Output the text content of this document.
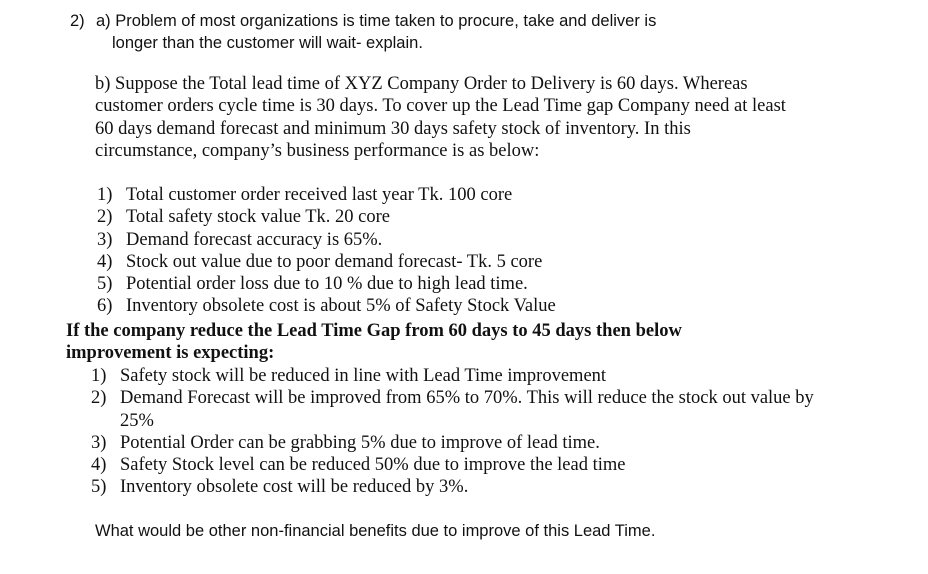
2) a) Problem of most organizations is time taken to procure, take and deliver is
longer than the customer will wait- explain.
b) Suppose the Total lead time of XYZ Company Order to Delivery is 60 days. Whereas
customer orders cycle time is 30 days. To cover up the Lead Time gap Company need at least
60 days demand forecast and minimum 30 days safety stock of inventory. In this
circumstance, company’s business performance is as below:
1) Total customer order received last year Tk. 100 core
2) Total safety stock value Tk. 20 core
3) Demand forecast accuracy is 65%.
4) Stock out value due to poor demand forecast- Tk. 5 core
5) Potential order loss due to 10 % due to high lead time.
6) Inventory obsolete cost is about 5% of Safety Stock Value
If the company reduce the Lead Time Gap from 60 days to 45 days then below
improvement is expecting:
1) Safety stock will be reduced in line with Lead Time improvement
2) Demand Forecast will be improved from 65% to 70%. This will reduce the stock out value by 25%
3) Potential Order can be grabbing 5% due to improve of lead time.
4) Safety Stock level can be reduced 50% due to improve the lead time
5) Inventory obsolete cost will be reduced by 3%.
What would be other non-financial benefits due to improve of this Lead Time.
